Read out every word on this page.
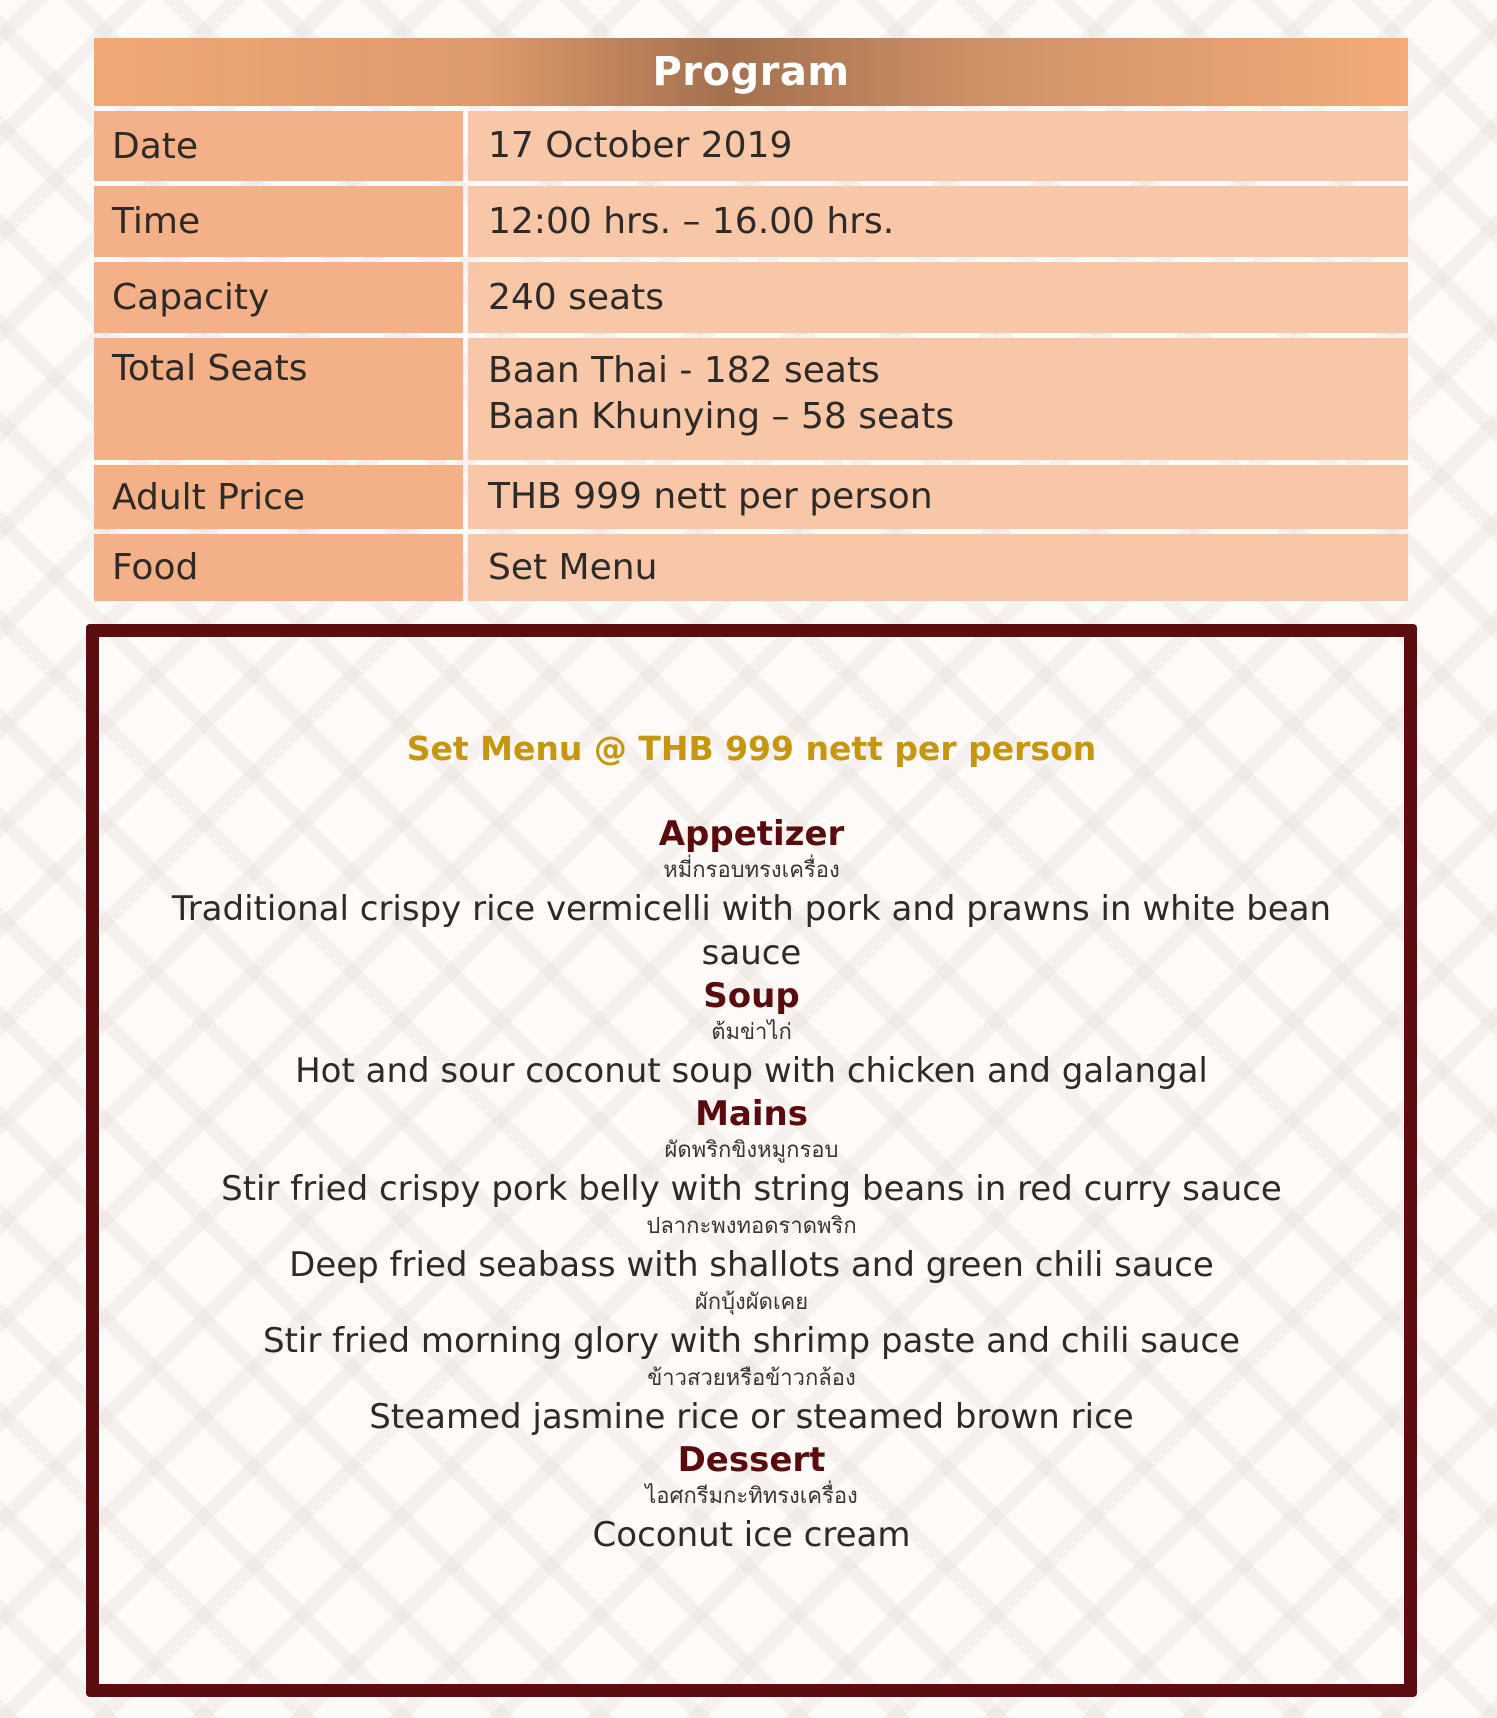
Program
Date	17 October 2019
Time	12:00 hrs. – 16.00 hrs.
Capacity	240 seats
Total Seats	Baan Thai - 182 seats
Baan Khunying – 58 seats
Adult Price	THB 999 nett per person
Food	Set Menu
Set Menu @ THB 999 nett per person

Appetizer

หมี่กรอบทรงเครื่อง

Traditional crispy rice vermicelli with pork and prawns in white bean sauce

Soup

ต้มข่าไก่

Hot and sour coconut soup with chicken and galangal

Mains

ผัดพริกขิงหมูกรอบ

Stir fried crispy pork belly with string beans in red curry sauce

ปลากะพงทอดราดพริก

Deep fried seabass with shallots and green chili sauce

ผักบุ้งผัดเคย

Stir fried morning glory with shrimp paste and chili sauce

ข้าวสวยหรือข้าวกล้อง

Steamed jasmine rice or steamed brown rice

Dessert

ไอศกรีมกะทิทรงเครื่อง

Coconut ice cream
